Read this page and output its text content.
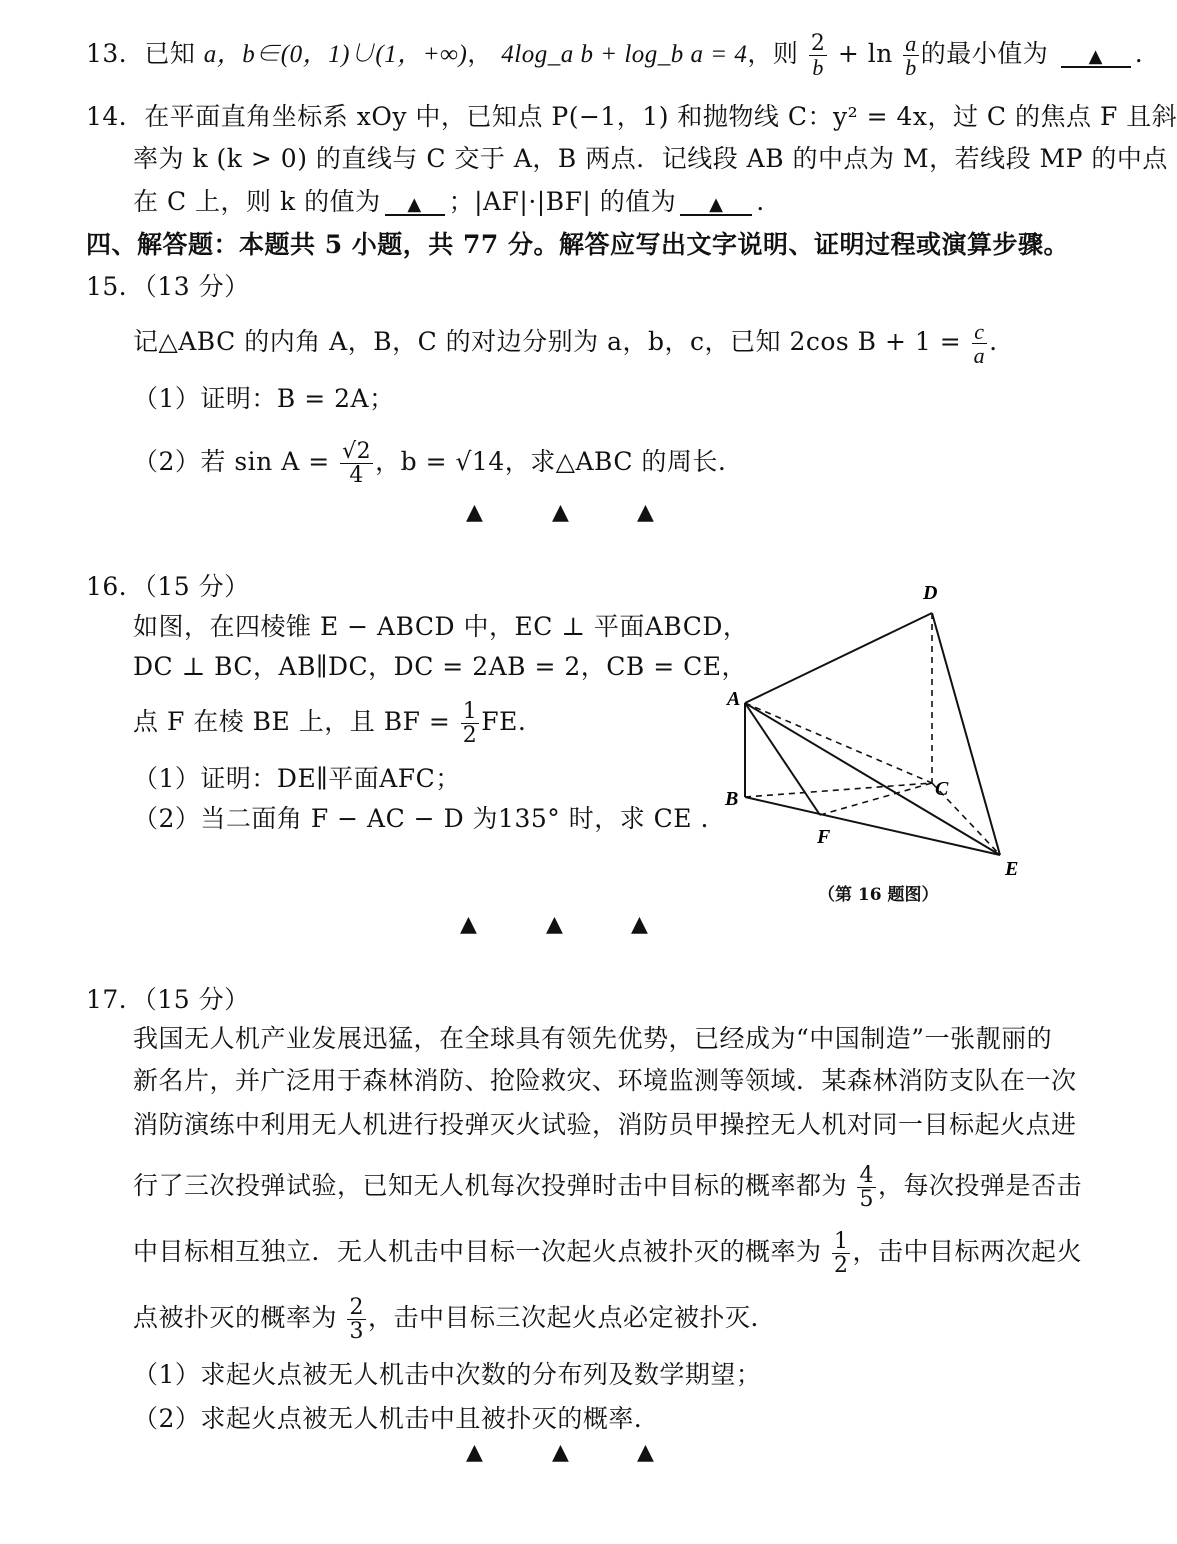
13．已知 a，b∈(0，1)∪(1，+∞)， 4log_a b + log_b a = 4，则 $\frac{2}{b} + \ln \frac{a}{b}$ 的最小值为 ▲ .
14．在平面直角坐标系 xOy 中，已知点 P(−1，1) 和抛物线 C：y² = 4x，过 C 的焦点 F 且斜
率为 k (k > 0) 的直线与 C 交于 A，B 两点．记线段 AB 的中点为 M，若线段 MP 的中点
在 C 上，则 k 的值为 ▲ ；|AF|·|BF| 的值为 ▲ .
四、解答题：本题共 5 小题，共 77 分。解答应写出文字说明、证明过程或演算步骤。
15．（13 分）
记△ABC 的内角 A，B，C 的对边分别为 a，b，c，已知 2cos $B + 1 = \frac{c}{a}$ .
（1）证明：B = 2A；
（2）若 $\sin A = \frac{√2}{4}$ ，b = √14，求△ABC 的周长.
▲	▲	▲
16．（15 分）
如图，在四棱锥 E − ABCD 中，EC ⊥ 平面ABCD，
DC ⊥ BC，AB∥DC，DC = 2AB = 2，CB = CE，
点 F 在棱 BE 上，且 BF = $\frac{1}{2}$ FE.
（1）证明：DE∥平面AFC；
（2）当二面角 F − AC − D 为135° 时，求 CE .
A
B	C
D
E
F
（第 16 题图）
▲	▲	▲
17．（15 分）
我国无人机产业发展迅猛，在全球具有领先优势，已经成为“中国制造”一张靓丽的
新名片，并广泛用于森林消防、抢险救灾、环境监测等领域．某森林消防支队在一次
消防演练中利用无人机进行投弹灭火试验，消防员甲操控无人机对同一目标起火点进
行了三次投弹试验，已知无人机每次投弹时击中目标的概率都为 $\frac{4}{5}$ ，每次投弹是否击
中目标相互独立．无人机击中目标一次起火点被扑灭的概率为 $\frac{1}{2}$ ，击中目标两次起火
点被扑灭的概率为 $\frac{2}{3}$ ，击中目标三次起火点必定被扑灭．
（1）求起火点被无人机击中次数的分布列及数学期望；
（2）求起火点被无人机击中且被扑灭的概率．
▲	▲	▲
